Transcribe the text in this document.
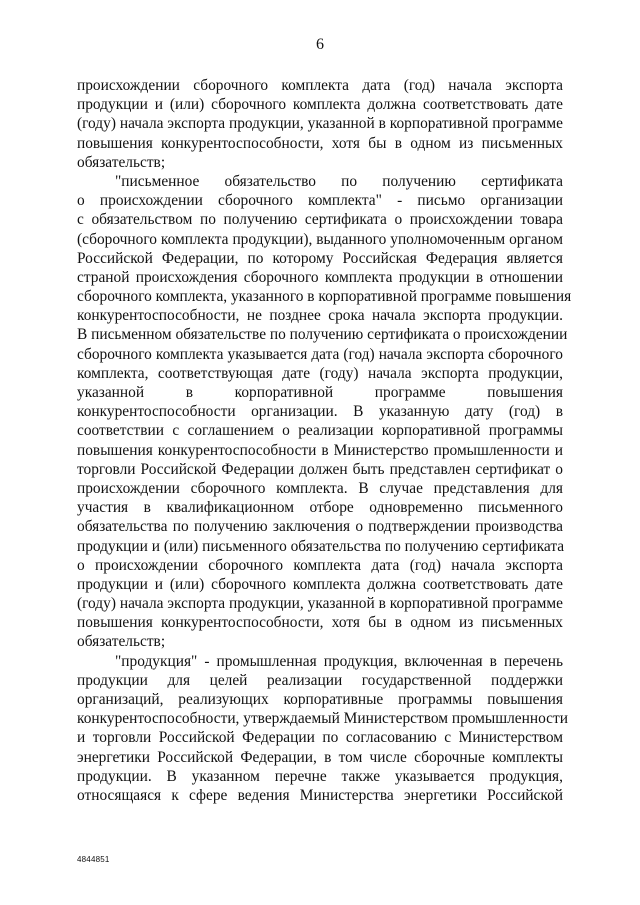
6
происхождении сборочного комплекта дата (год) начала экспорта
продукции и (или) сборочного комплекта должна соответствовать дате
(году) начала экспорта продукции, указанной в корпоративной программе
повышения конкурентоспособности, хотя бы в одном из письменных
обязательств;
"письменное обязательство по получению сертификата
о происхождении сборочного комплекта" - письмо организации
с обязательством по получению сертификата о происхождении товара
(сборочного комплекта продукции), выданного уполномоченным органом
Российской Федерации, по которому Российская Федерация является
страной происхождения сборочного комплекта продукции в отношении
сборочного комплекта, указанного в корпоративной программе повышения
конкурентоспособности, не позднее срока начала экспорта продукции.
В письменном обязательстве по получению сертификата о происхождении
сборочного комплекта указывается дата (год) начала экспорта сборочного
комплекта, соответствующая дате (году) начала экспорта продукции,
указанной в корпоративной программе повышения
конкурентоспособности организации. В указанную дату (год) в
соответствии с соглашением о реализации корпоративной программы
повышения конкурентоспособности в Министерство промышленности и
торговли Российской Федерации должен быть представлен сертификат о
происхождении сборочного комплекта. В случае представления для
участия в квалификационном отборе одновременно письменного
обязательства по получению заключения о подтверждении производства
продукции и (или) письменного обязательства по получению сертификата
о происхождении сборочного комплекта дата (год) начала экспорта
продукции и (или) сборочного комплекта должна соответствовать дате
(году) начала экспорта продукции, указанной в корпоративной программе
повышения конкурентоспособности, хотя бы в одном из письменных
обязательств;
"продукция" - промышленная продукция, включенная в перечень
продукции для целей реализации государственной поддержки
организаций, реализующих корпоративные программы повышения
конкурентоспособности, утверждаемый Министерством промышленности
и торговли Российской Федерации по согласованию с Министерством
энергетики Российской Федерации, в том числе сборочные комплекты
продукции. В указанном перечне также указывается продукция,
относящаяся к сфере ведения Министерства энергетики Российской
4844851
